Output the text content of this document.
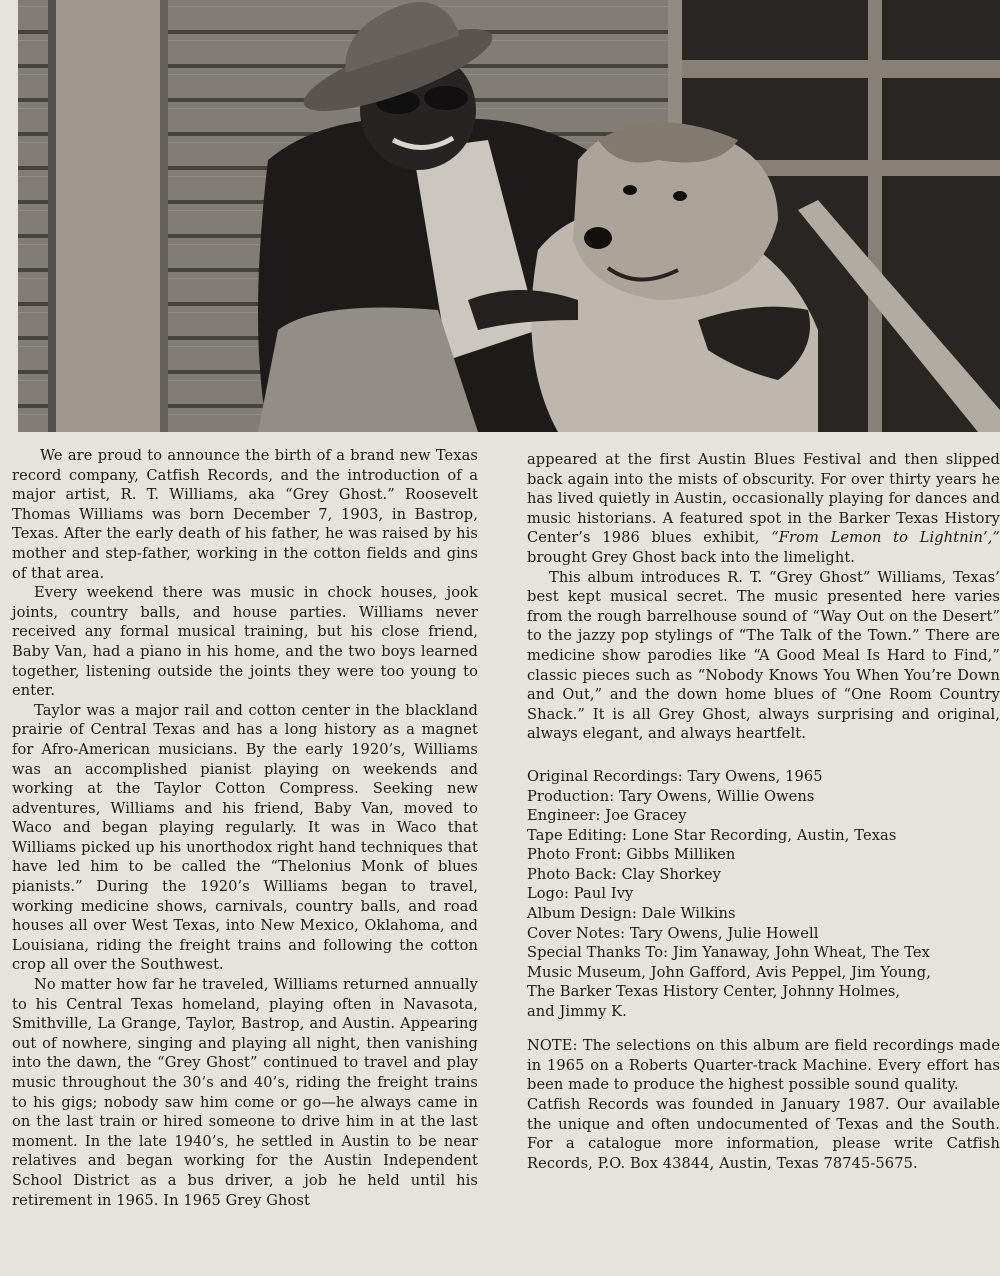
We are proud to announce the birth of a brand new Texas record company, Catfish Records, and the introduction of a major artist, R. T. Williams, aka “Grey Ghost.” Roosevelt Thomas Williams was born December 7, 1903, in Bastrop, Texas. After the early death of his father, he was raised by his mother and step-father, working in the cotton fields and gins of that area.

Every weekend there was music in chock houses, jook joints, country balls, and house parties. Williams never received any formal musical training, but his close friend, Baby Van, had a piano in his home, and the two boys learned together, listening outside the joints they were too young to enter.

Taylor was a major rail and cotton center in the blackland prairie of Central Texas and has a long history as a magnet for Afro-American musicians. By the early 1920’s, Williams was an accomplished pianist playing on weekends and working at the Taylor Cotton Compress. Seeking new adventures, Williams and his friend, Baby Van, moved to Waco and began playing regularly. It was in Waco that Williams picked up his unorthodox right hand techniques that have led him to be called the “Thelonius Monk of blues pianists.” During the 1920’s Williams began to travel, working medicine shows, carnivals, country balls, and road houses all over West Texas, into New Mexico, Oklahoma, and Louisiana, riding the freight trains and following the cotton crop all over the Southwest.

No matter how far he traveled, Williams returned annually to his Central Texas homeland, playing often in Navasota, Smithville, La Grange, Taylor, Bastrop, and Austin. Appearing out of nowhere, singing and playing all night, then vanishing into the dawn, the “Grey Ghost” continued to travel and play music throughout the 30’s and 40’s, riding the freight trains to his gigs; nobody saw him come or go—he always came in on the last train or hired someone to drive him in at the last moment. In the late 1940’s, he settled in Austin to be near relatives and began working for the Austin Independent School District as a bus driver, a job he held until his retirement in 1965. In 1965 Grey Ghost

appeared at the first Austin Blues Festival and then slipped back again into the mists of obscurity. For over thirty years he has lived quietly in Austin, occasionally playing for dances and music historians. A featured spot in the Barker Texas History Center’s 1986 blues exhibit, “From Lemon to Lightnin’,” brought Grey Ghost back into the limelight.

This album introduces R. T. “Grey Ghost” Williams, Texas’ best kept musical secret. The music presented here varies from the rough barrelhouse sound of “Way Out on the Desert” to the jazzy pop stylings of “The Talk of the Town.” There are medicine show parodies like “A Good Meal Is Hard to Find,” classic pieces such as “Nobody Knows You When You’re Down and Out,” and the down home blues of “One Room Country Shack.” It is all Grey Ghost, always surprising and original, always elegant, and always heartfelt.

Original Recordings: Tary Owens, 1965
Production: Tary Owens, Willie Owens
Engineer: Joe Gracey
Tape Editing: Lone Star Recording, Austin, Texas
Photo Front: Gibbs Milliken
Photo Back: Clay Shorkey
Logo: Paul Ivy
Album Design: Dale Wilkins
Cover Notes: Tary Owens, Julie Howell
Special Thanks To: Jim Yanaway, John Wheat, The Tex
Music Museum, John Gafford, Avis Peppel, Jim Young,
The Barker Texas History Center, Johnny Holmes,
and Jimmy K.

NOTE: The selections on this album are field recordings made in 1965 on a Roberts Quarter-track Machine. Every effort has been made to produce the highest possible sound quality.

Catfish Records was founded in January 1987. Our available the unique and often undocumented of Texas and the South. For a catalogue more information, please write Catfish Records, P.O. Box 43844, Austin, Texas 78745-5675.
